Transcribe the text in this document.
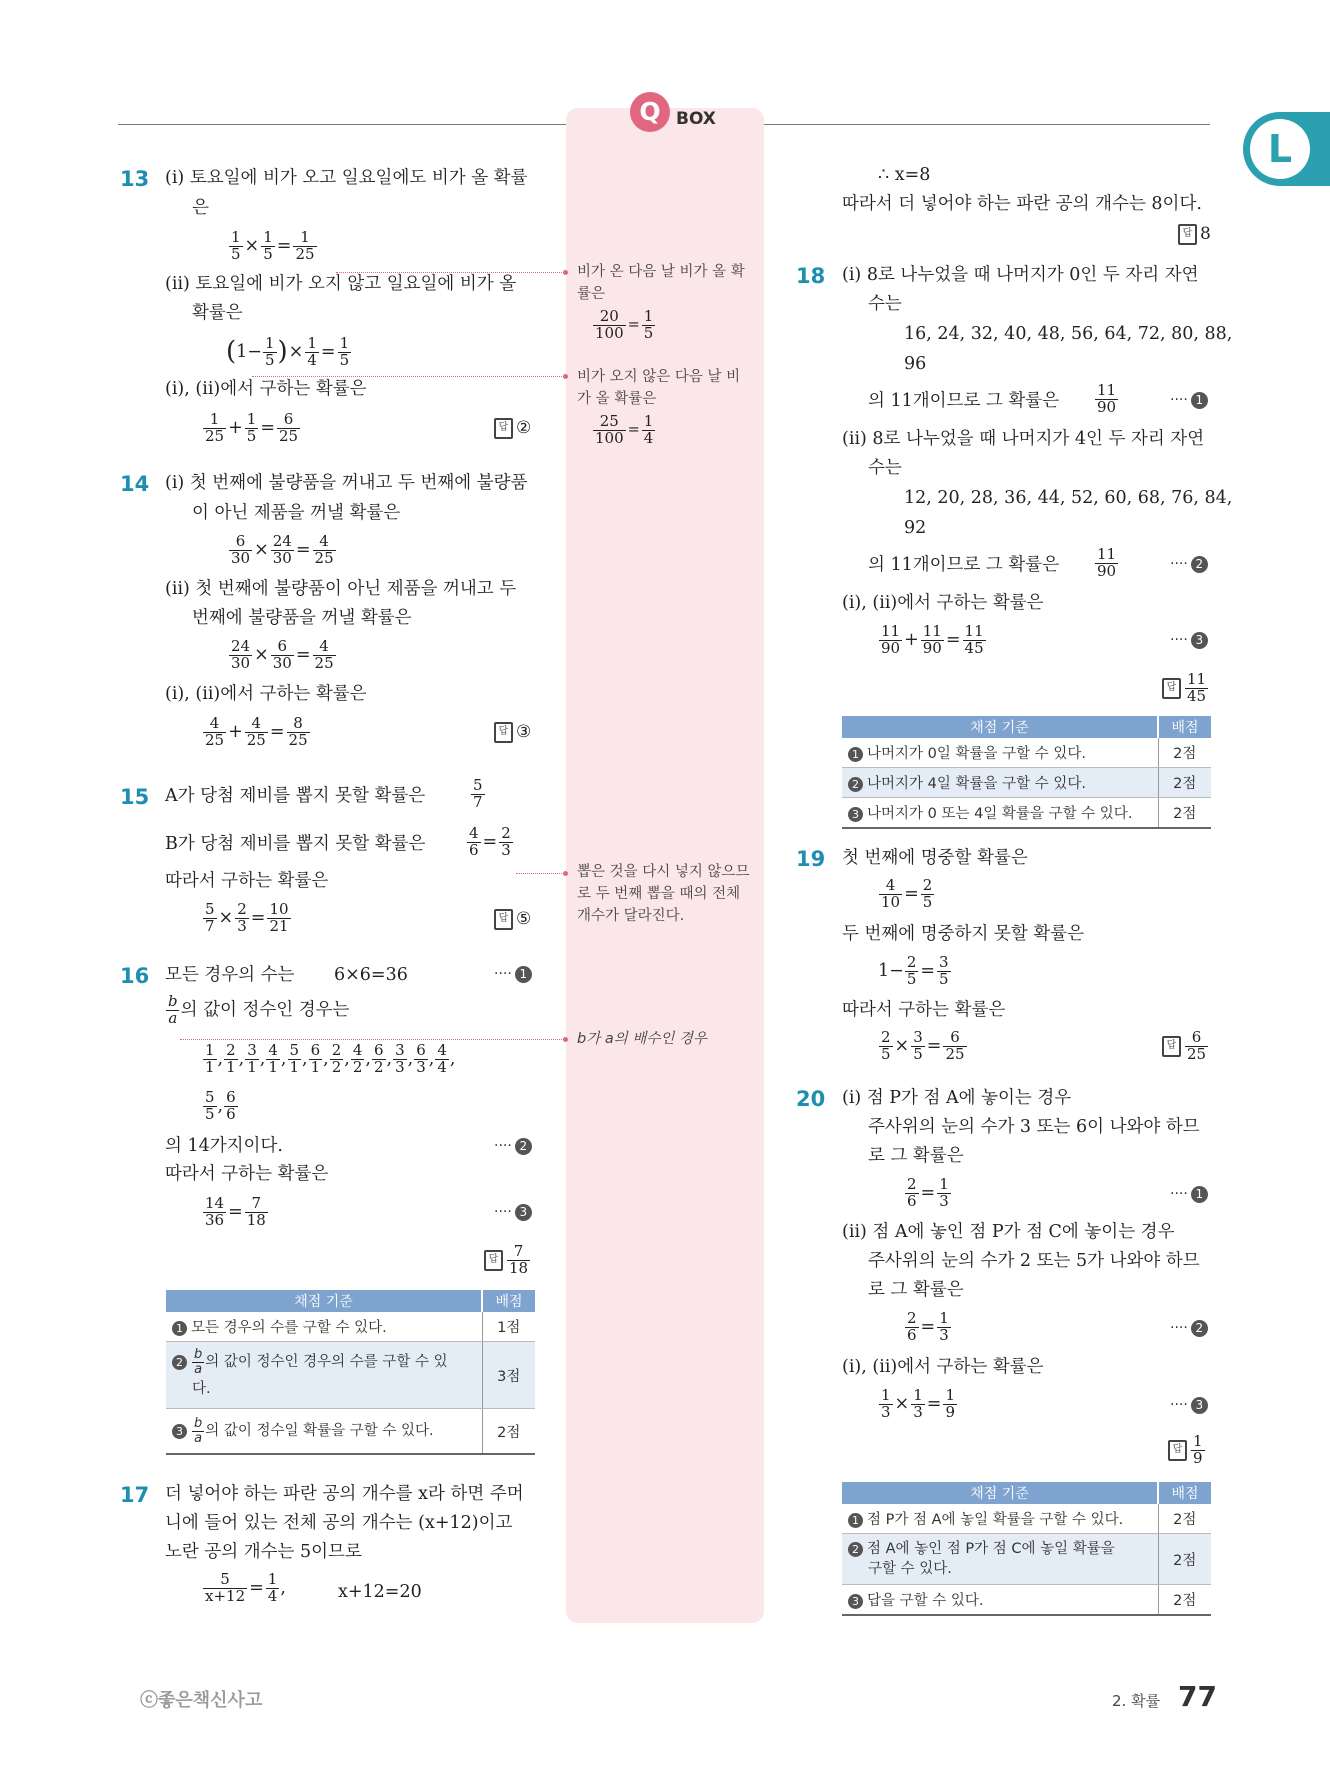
Q BOX
L
13 (ⅰ) 토요일에 비가 오고 일요일에도 비가 올 확률
은
$\frac{1}{5} \times \frac{1}{5} = \frac{1}{25}$
(ⅱ) 토요일에 비가 오지 않고 일요일에 비가 올
확률은
($1- \frac{1}{5}$ )× $\frac{1}{4} = \frac{1}{5}$
(ⅰ), (ⅱ)에서 구하는 확률은
$\frac{1}{25} + \frac{1}{5} = \frac{6}{25}$	답 ②
14 (ⅰ) 첫 번째에 불량품을 꺼내고 두 번째에 불량품
이 아닌 제품을 꺼낼 확률은
$\frac{6}{30} \times \frac{24}{30} = \frac{4}{25}$
(ⅱ) 첫 번째에 불량품이 아닌 제품을 꺼내고 두
번째에 불량품을 꺼낼 확률은
$\frac{24}{30} \times \frac{6}{30} = \frac{4}{25}$
(ⅰ), (ⅱ)에서 구하는 확률은
$\frac{4}{25} + \frac{4}{25} = \frac{8}{25}$	답 ③
15 A가 당첨 제비를 뽑지 못할 확률은	$\frac{5}{7}$
B가 당첨 제비를 뽑지 못할 확률은	$\frac{4}{6} = \frac{2}{3}$
따라서 구하는 확률은
$\frac{5}{7} \times \frac{2}{3} = \frac{10}{21}$	답 ⑤
16 모든 경우의 수는 6×6=36	···· 1
$\frac{b}{a}$ 의 값이 정수인 경우는
$\frac{1}{1}$ , $\frac{2}{1}$ , $\frac{3}{1}$ , $\frac{4}{1}$ , $\frac{5}{1}$ , $\frac{6}{1}$ , $\frac{2}{2}$ , $\frac{4}{2}$ , $\frac{6}{2}$ , $\frac{3}{3}$ , $\frac{6}{3}$ , $\frac{4}{4}$ ,
$\frac{5}{5}$ , $\frac{6}{6}$
의 14가지이다.	···· 2
따라서 구하는 확률은
$\frac{14}{36} = \frac{7}{18}$	···· 3
답 $\frac{7}{18}$
채점 기준	배점
1 모든 경우의 수를 구할 수 있다.	1점
$2 \frac{b}{a}$ 의 값이 정수인 경우의 수를 구할 수 있
다.	3점
$3 \frac{b}{a}$ 의 값이 정수일 확률을 구할 수 있다.	2점
17 더 넣어야 하는 파란 공의 개수를 x라 하면 주머
니에 들어 있는 전체 공의 개수는 (x+12)이고
노란 공의 개수는 5이므로
$\frac{5}{x+12} = \frac{1}{4}$ ,	x+12=20
∴ x=8
따라서 더 넣어야 하는 파란 공의 개수는 8이다.
답 8
비가 온 다음 날 비가 올 확
률은
$\frac{20}{100} = \frac{1}{5}$
비가 오지 않은 다음 날 비
가 올 확률은
$\frac{25}{100} = \frac{1}{4}$
뽑은 것을 다시 넣지 않으므
로 두 번째 뽑을 때의 전체
개수가 달라진다.
b가 a의 배수인 경우
18 (ⅰ) 8로 나누었을 때 나머지가 0인 두 자리 자연
수는
16, 24, 32, 40, 48, 56, 64, 72, 80, 88,
96
의 11개이므로 그 확률은 $\frac{11}{90}$	···· 1
(ⅱ) 8로 나누었을 때 나머지가 4인 두 자리 자연
수는
12, 20, 28, 36, 44, 52, 60, 68, 76, 84,
92
의 11개이므로 그 확률은 $\frac{11}{90}$	···· 2
(ⅰ), (ⅱ)에서 구하는 확률은
$\frac{11}{90} + \frac{11}{90} = \frac{11}{45}$	···· 3
답 $\frac{11}{45}$
채점 기준	배점
1 나머지가 0일 확률을 구할 수 있다.	2점
2 나머지가 4일 확률을 구할 수 있다.	2점
3 나머지가 0 또는 4일 확률을 구할 수 있다.	2점
19 첫 번째에 명중할 확률은
$\frac{4}{10} = \frac{2}{5}$
두 번째에 명중하지 못할 확률은
$1- \frac{2}{5} = \frac{3}{5}$
따라서 구하는 확률은
$\frac{2}{5} \times \frac{3}{5} = \frac{6}{25}$	답 $\frac{6}{25}$
20 (ⅰ) 점 P가 점 A에 놓이는 경우
주사위의 눈의 수가 3 또는 6이 나와야 하므
로 그 확률은
$\frac{2}{6} = \frac{1}{3}$	···· 1
(ⅱ) 점 A에 놓인 점 P가 점 C에 놓이는 경우
주사위의 눈의 수가 2 또는 5가 나와야 하므
로 그 확률은
$\frac{2}{6} = \frac{1}{3}$	···· 2
(ⅰ), (ⅱ)에서 구하는 확률은
$\frac{1}{3} \times \frac{1}{3} = \frac{1}{9}$	···· 3
답 $\frac{1}{9}$
채점 기준	배점
1 점 P가 점 A에 놓일 확률을 구할 수 있다.	2점
2 점 A에 놓인 점 P가 점 C에 놓일 확률을
구할 수 있다.	2점
3 답을 구할 수 있다.	2점
ⓒ좋은책신사고	2. 확률 77
